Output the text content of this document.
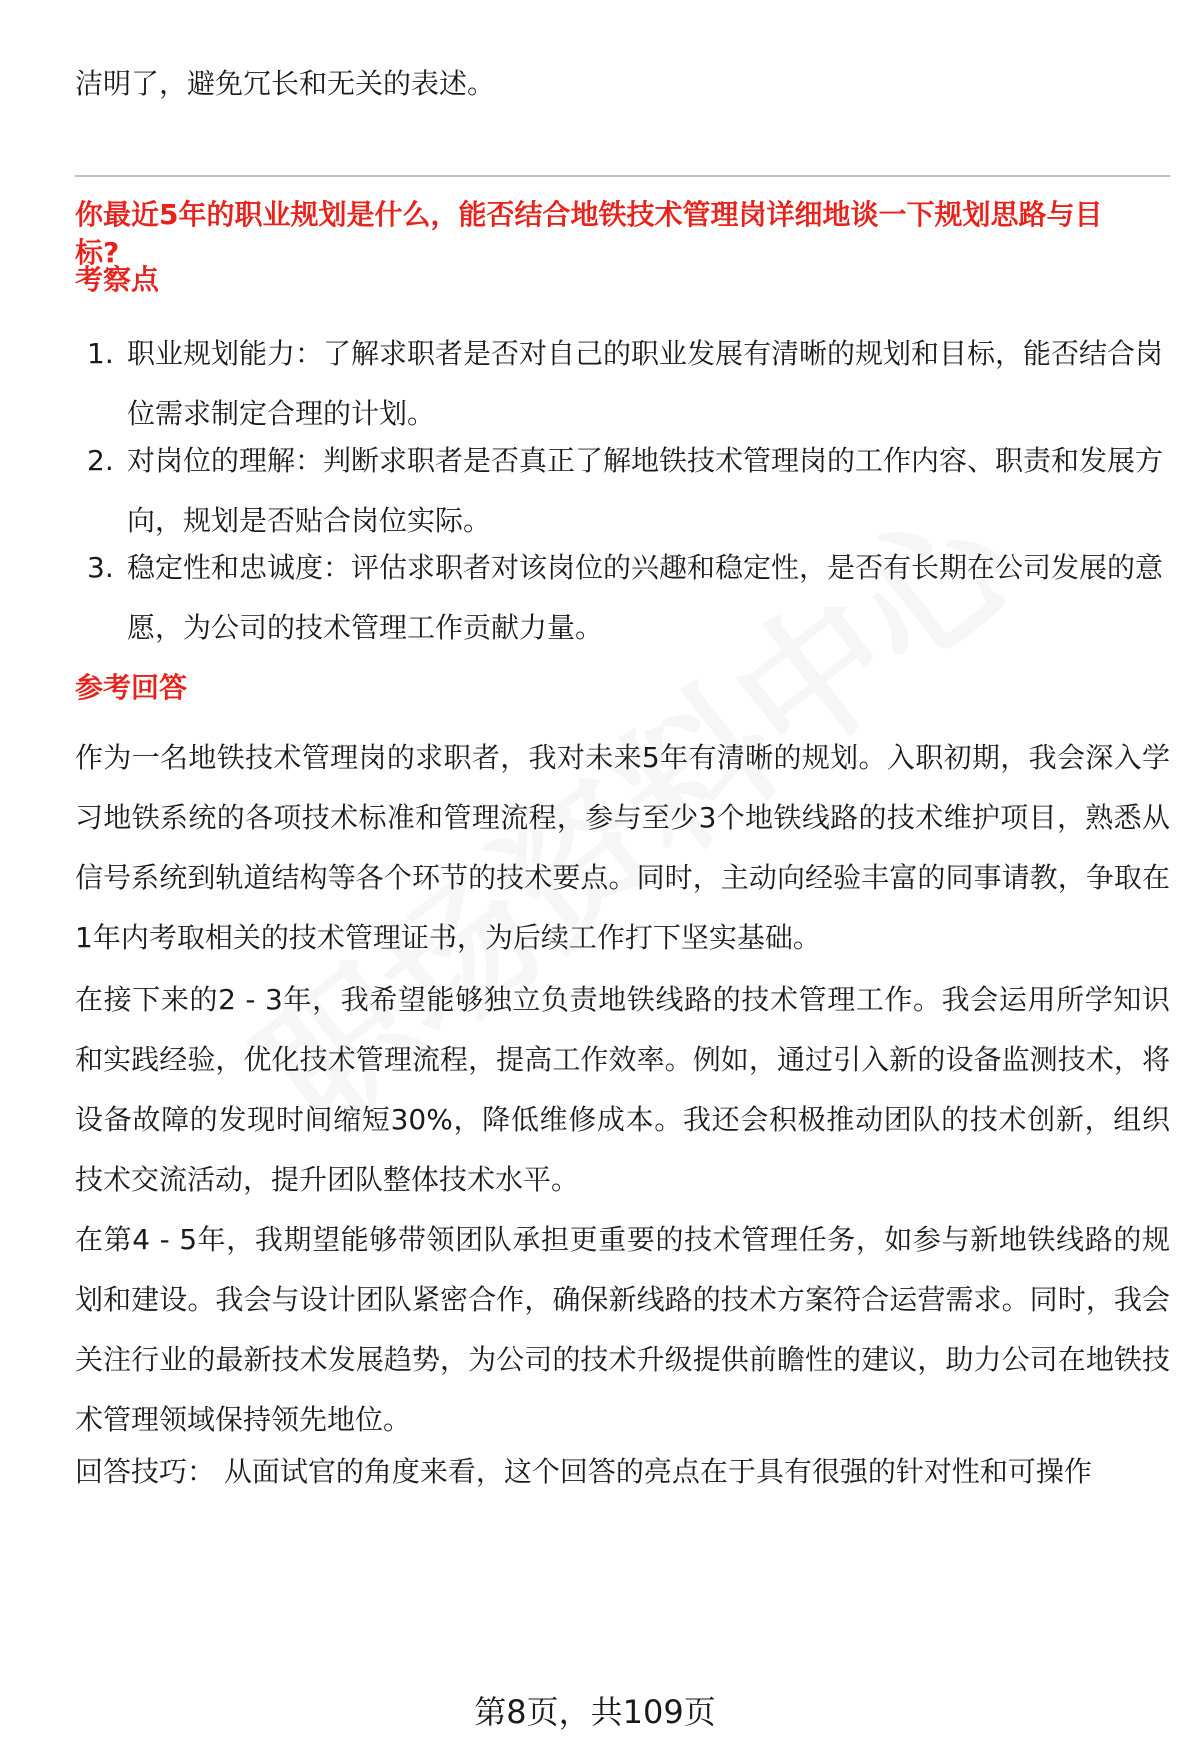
洁明了，避免冗长和无关的表述。
你最近5年的职业规划是什么，能否结合地铁技术管理岗详细地谈一下规划思路与目标?
考察点
1. 职业规划能力：了解求职者是否对自己的职业发展有清晰的规划和目标，能否结合岗位需求制定合理的计划。
2. 对岗位的理解：判断求职者是否真正了解地铁技术管理岗的工作内容、职责和发展方向，规划是否贴合岗位实际。
3. 稳定性和忠诚度：评估求职者对该岗位的兴趣和稳定性，是否有长期在公司发展的意愿，为公司的技术管理工作贡献力量。
参考回答
作为一名地铁技术管理岗的求职者，我对未来5年有清晰的规划。入职初期，我会深入学习地铁系统的各项技术标准和管理流程，参与至少3个地铁线路的技术维护项目，熟悉从信号系统到轨道结构等各个环节的技术要点。同时，主动向经验丰富的同事请教，争取在1年内考取相关的技术管理证书，为后续工作打下坚实基础。
在接下来的2 - 3年，我希望能够独立负责地铁线路的技术管理工作。我会运用所学知识和实践经验，优化技术管理流程，提高工作效率。例如，通过引入新的设备监测技术，将设备故障的发现时间缩短30%，降低维修成本。我还会积极推动团队的技术创新，组织技术交流活动，提升团队整体技术水平。
在第4 - 5年，我期望能够带领团队承担更重要的技术管理任务，如参与新地铁线路的规划和建设。我会与设计团队紧密合作，确保新线路的技术方案符合运营需求。同时，我会关注行业的最新技术发展趋势，为公司的技术升级提供前瞻性的建议，助力公司在地铁技术管理领域保持领先地位。
回答技巧： 从面试官的角度来看，这个回答的亮点在于具有很强的针对性和可操作
第8页，共109页
